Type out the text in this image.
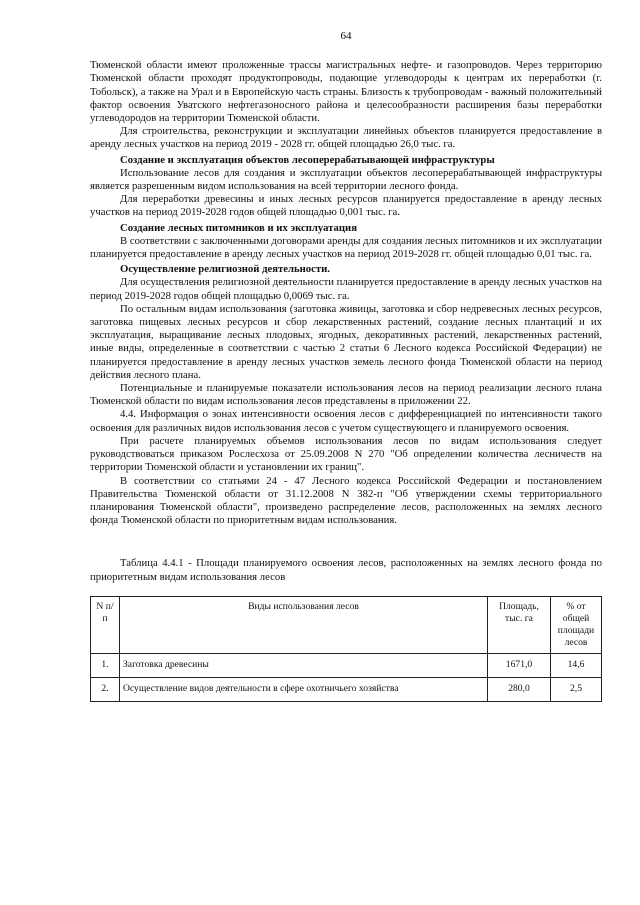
64

Тюменской области имеют проложенные трассы магистральных нефте- и газопроводов. Через территорию Тюменской области проходят продуктопроводы, подающие углеводороды к центрам их переработки (г. Тобольск), а также на Урал и в Европейскую часть страны. Близость к трубопроводам - важный положительный фактор освоения Уватского нефтегазоносного района и целесообразности расширения базы переработки углеводородов на территории Тюменской области.

Для строительства, реконструкции и эксплуатации линейных объектов планируется предоставление в аренду лесных участков на период 2019 - 2028 гг. общей площадью 26,0 тыс. га.

Создание и эксплуатация объектов лесоперерабатывающей инфраструктуры

Использование лесов для создания и эксплуатации объектов лесоперерабатывающей инфраструктуры является разрешенным видом использования на всей территории лесного фонда.

Для переработки древесины и иных лесных ресурсов планируется предоставление в аренду лесных участков на период 2019-2028 годов общей площадью 0,001 тыс. га.

Создание лесных питомников и их эксплуатация

В соответствии с заключенными договорами аренды для создания лесных питомников и их эксплуатации планируется предоставление в аренду лесных участков на период 2019-2028 гг. общей площадью 0,01 тыс. га.

Осуществление религиозной деятельности.

Для осуществления религиозной деятельности планируется предоставление в аренду лесных участков на период 2019-2028 годов общей площадью 0,0069 тыс. га.

По остальным видам использования (заготовка живицы, заготовка и сбор недревесных лесных ресурсов, заготовка пищевых лесных ресурсов и сбор лекарственных растений, создание лесных плантаций и их эксплуатация, выращивание лесных плодовых, ягодных, декоративных растений, лекарственных растений, иные виды, определенные в соответствии с частью 2 статьи 6 Лесного кодекса Российской Федерации) не планируется предоставление в аренду лесных участков земель лесного фонда Тюменской области на период действия лесного плана.

Потенциальные и планируемые показатели использования лесов на период реализации лесного плана Тюменской области по видам использования лесов представлены в приложении 22.

4.4. Информация о зонах интенсивности освоения лесов с дифференциацией по интенсивности такого освоения для различных видов использования лесов с учетом существующего и планируемого освоения.

При расчете планируемых объемов использования лесов по видам использования следует руководствоваться приказом Рослесхоза от 25.09.2008 N 270 "Об определении количества лесничеств на территории Тюменской области и установлении их границ".

В соответствии со статьями 24 - 47 Лесного кодекса Российской Федерации и постановлением Правительства Тюменской области от 31.12.2008 N 382-п "Об утверждении схемы территориального планирования Тюменской области", произведено распределение лесов, расположенных на землях лесного фонда Тюменской области по приоритетным видам использования.

Таблица 4.4.1 - Площади планируемого освоения лесов, расположенных на землях лесного фонда по приоритетным видам использования лесов

N п/п	Виды использования лесов	Площадь, тыс. га	% от общей площади лесов
1.	Заготовка древесины	1671,0	14,6
2.	Осуществление видов деятельности в сфере охотничьего хозяйства	280,0	2,5
